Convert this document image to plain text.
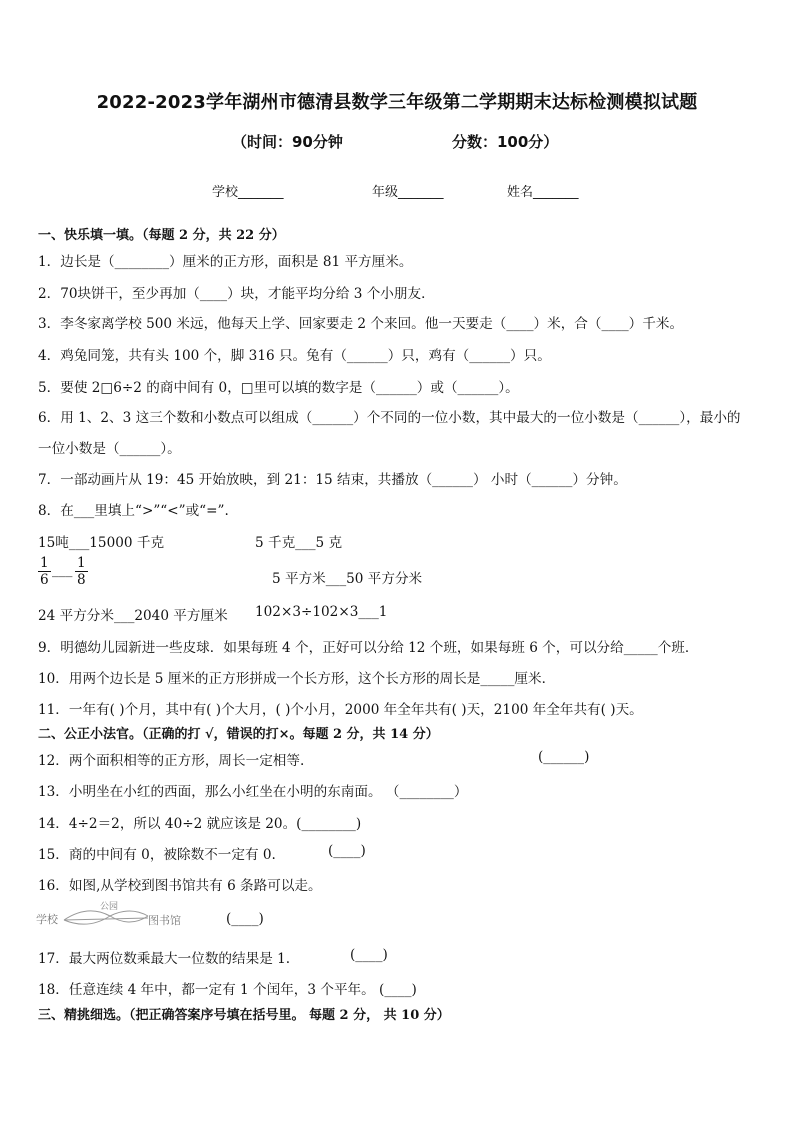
2022-2023学年湖州市德清县数学三年级第二学期期末达标检测模拟试题
（时间：90分钟	分数：100分）
学校_______	年级_______	姓名_______
一、快乐填一填。（每题 2 分，共 22 分）
1．边长是（________）厘米的正方形，面积是 81 平方厘米。
2．70块饼干，至少再加（____）块，才能平均分给 3 个小朋友．
3．李冬家离学校 500 米远，他每天上学、回家要走 2 个来回。他一天要走（____）米，合（____）千米。
4．鸡兔同笼，共有头 100 个，脚 316 只。兔有（______）只，鸡有（______）只。
5．要使 2□6÷2 的商中间有 0，□里可以填的数字是（______）或（______）。
6．用 1、2、3 这三个数和小数点可以组成（______）个不同的一位小数，其中最大的一位小数是（______），最小的
一位小数是（______）。
7．一部动画片从 19：45 开始放映，到 21：15 结束，共播放（______） 小时（______）分钟。
8．在___里填上“>”“<”或“=”.
15吨___15000 千克	5 千克___5 克
$\frac{1}{6}$ ___ $\frac{1}{8}$	5 平方米___50 平方分米
24 平方分米___2040 平方厘米 102×3÷102×3___1
9．明德幼儿园新进一些皮球．如果每班 4 个，正好可以分给 12 个班，如果每班 6 个，可以分给_____个班．
10．用两个边长是 5 厘米的正方形拼成一个长方形，这个长方形的周长是_____厘米．
11．一年有( )个月，其中有( )个大月，( )个小月，2000 年全年共有( )天，2100 年全年共有( )天。
二、公正小法官。（正确的打 √，错误的打×。每题 2 分，共 14 分）
12．两个面积相等的正方形，周长一定相等.	(______)
13．小明坐在小红的西面，那么小红坐在小明的东南面。 （________）
14．4÷2＝2，所以 40÷2 就应该是 20。(________)
15．商的中间有 0，被除数不一定有 0.	(____)
16．如图,从学校到图书馆共有 6 条路可以走。
学校
公园
图书馆	(____)
17．最大两位数乘最大一位数的结果是 1.	(____)
18．任意连续 4 年中，都一定有 1 个闰年，3 个平年。 (____)
三、精挑细选。（把正确答案序号填在括号里。 每题 2 分， 共 10 分）
